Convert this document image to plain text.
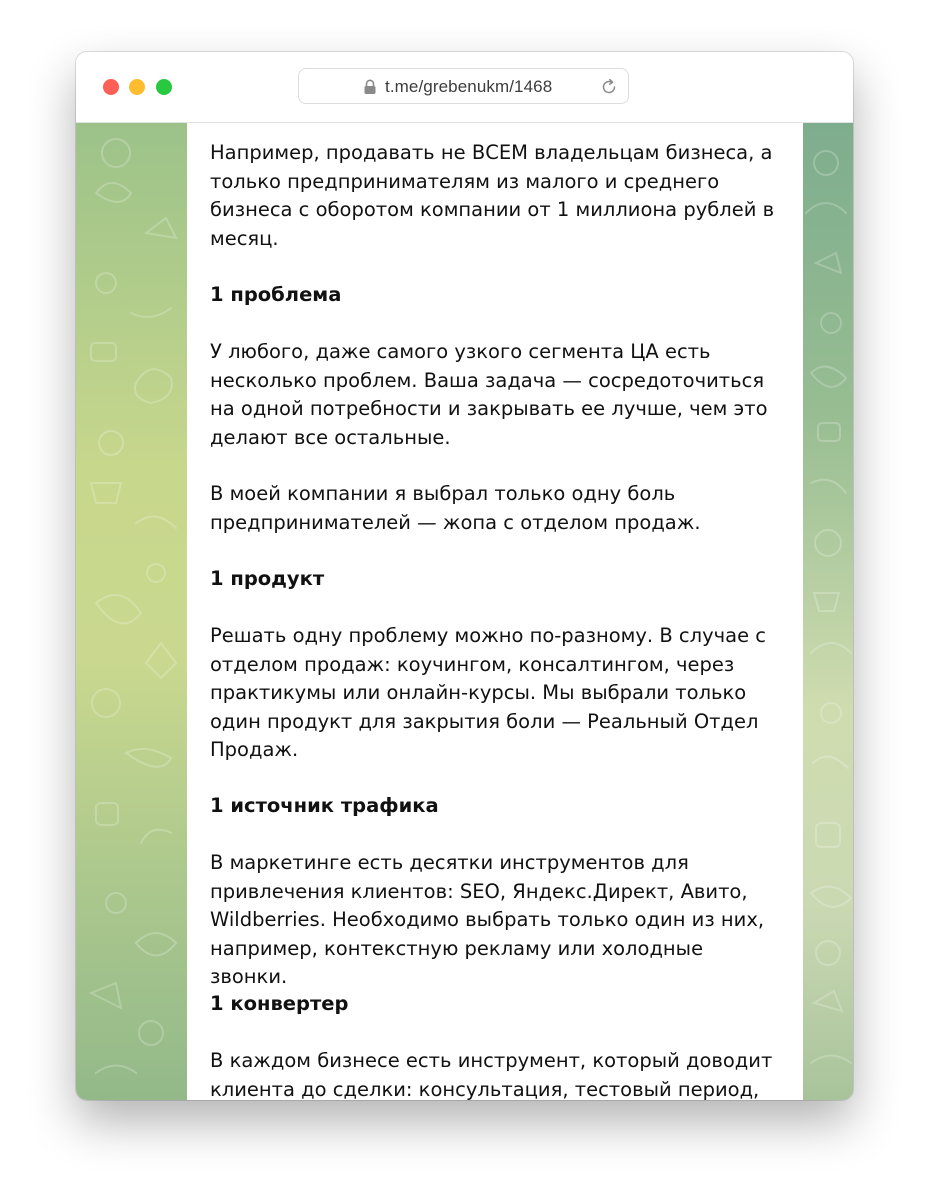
t.me/grebenukm/1468

Например, продавать не ВСЕМ владельцам бизнеса, а только предпринимателям из малого и среднего бизнеса с оборотом компании от 1 миллиона рублей в месяц.

1 проблема

У любого, даже самого узкого сегмента ЦА есть несколько проблем. Ваша задача — сосредоточиться на одной потребности и закрывать ее лучше, чем это делают все остальные.

В моей компании я выбрал только одну боль предпринимателей — жопа с отделом продаж.

1 продукт

Решать одну проблему можно по-разному. В случае с отделом продаж: коучингом, консалтингом, через практикумы или онлайн-курсы. Мы выбрали только один продукт для закрытия боли — Реальный Отдел Продаж.

1 источник трафика

В маркетинге есть десятки инструментов для привлечения клиентов: SEO, Яндекс.Директ, Авито, Wildberries. Необходимо выбрать только один из них, например, контекстную рекламу или холодные звонки.

1 конвертер

В каждом бизнесе есть инструмент, который доводит клиента до сделки: консультация, тестовый период,
